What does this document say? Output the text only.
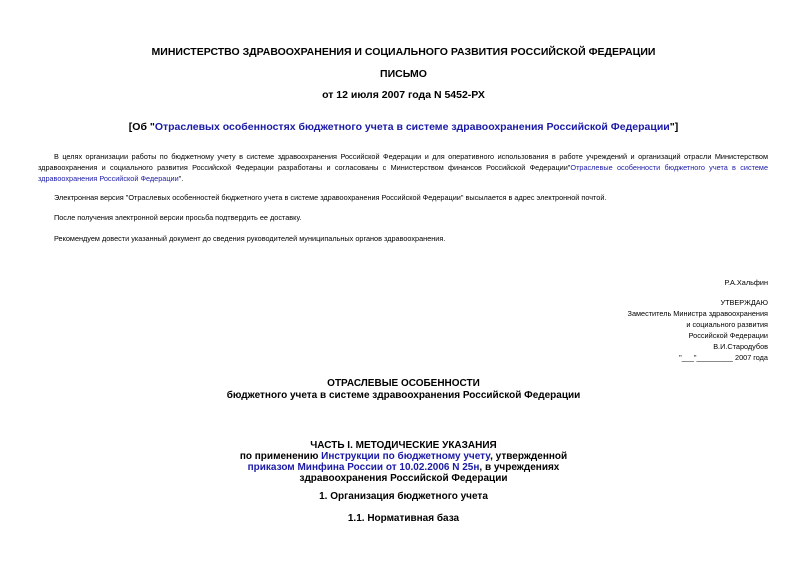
МИНИСТЕРСТВО ЗДРАВООХРАНЕНИЯ И СОЦИАЛЬНОГО РАЗВИТИЯ РОССИЙСКОЙ ФЕДЕРАЦИИ
ПИСЬМО
от 12 июля 2007 года N 5452-РХ
[Об "Отраслевых особенностях бюджетного учета в системе здравоохранения Российской Федерации"]
В целях организации работы по бюджетному учету в системе здравоохранения Российской Федерации и для оперативного использования в работе учреждений и организаций отрасли Министерством здравоохранения и социального развития Российской Федерации разработаны и согласованы с Министерством финансов Российской Федерации"Отраслевые особенности бюджетного учета в системе здравоохранения Российской Федерации".
Электронная версия "Отраслевых особенностей бюджетного учета в системе здравоохранения Российской Федерации" высылается в адрес электронной почтой.
После получения электронной версии просьба подтвердить ее доставку.
Рекомендуем довести указанный документ до сведения руководителей муниципальных органов здравоохранения.
Р.А.Хальфин
УТВЕРЖДАЮ
Заместитель Министра здравоохранения
и социального развития
Российской Федерации
В.И.Стародубов
"___"_________ 2007 года
ОТРАСЛЕВЫЕ ОСОБЕННОСТИ
бюджетного учета в системе здравоохранения Российской Федерации
ЧАСТЬ I. МЕТОДИЧЕСКИЕ УКАЗАНИЯ
по применению Инструкции по бюджетному учету, утвержденной
приказом Минфина России от 10.02.2006 N 25н, в учреждениях
здравоохранения Российской Федерации
1. Организация бюджетного учета
1.1. Нормативная база
